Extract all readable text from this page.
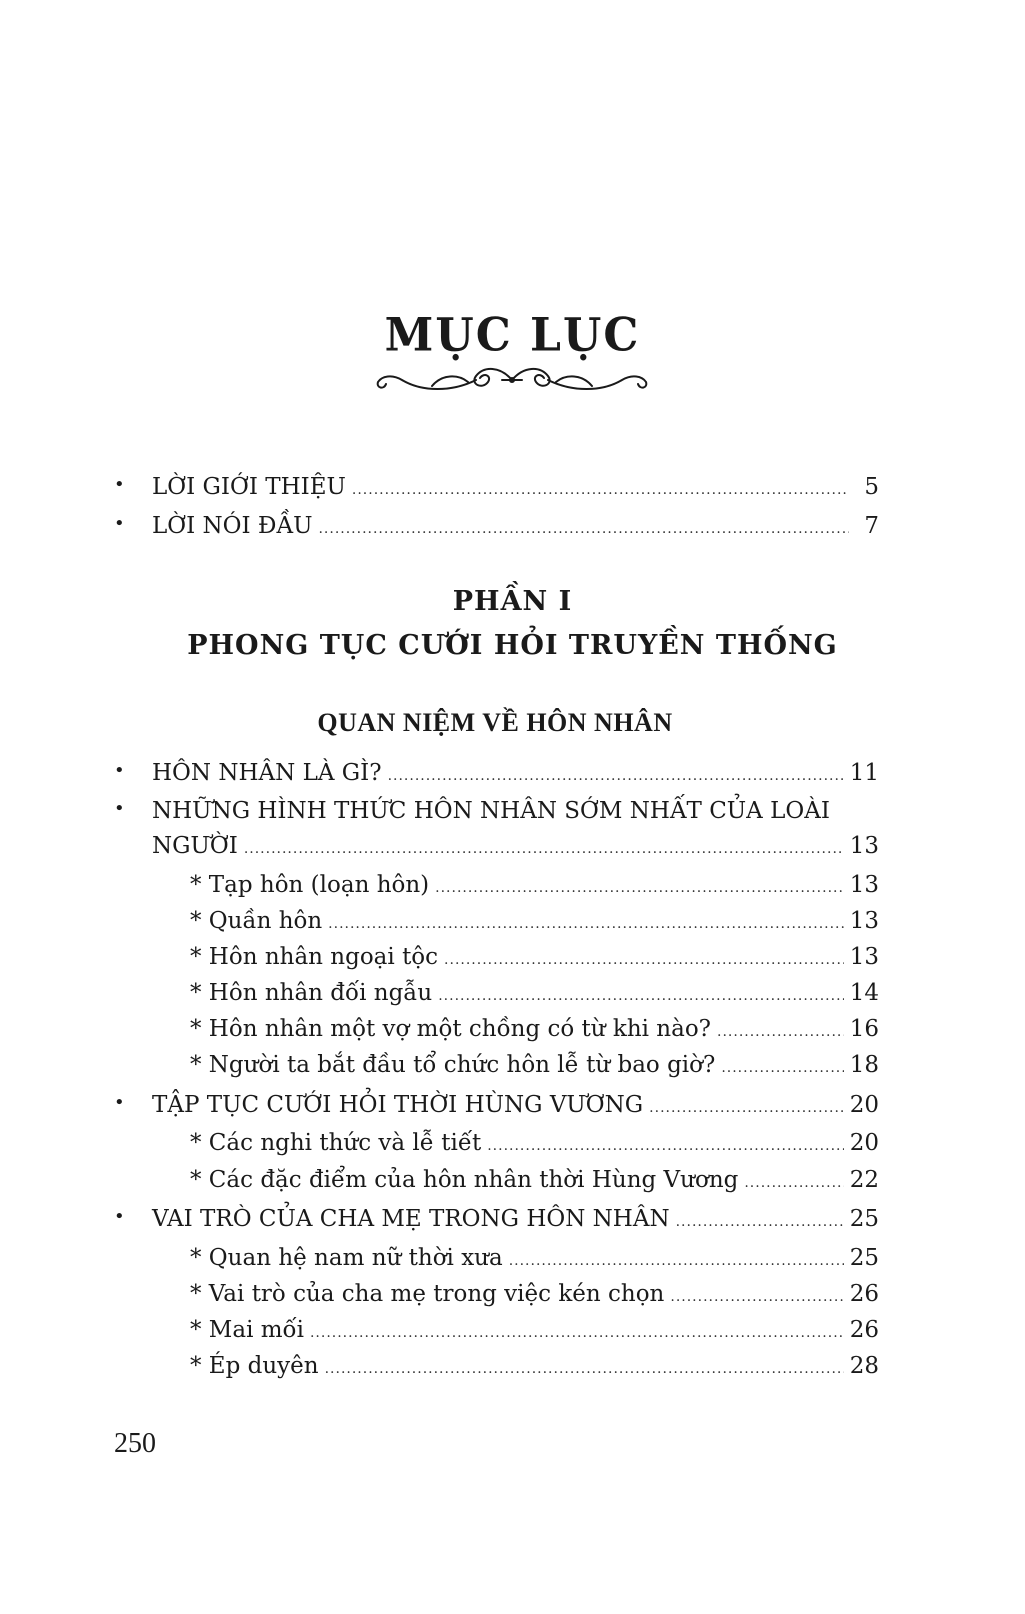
MỤC LỤC
• LỜI GIỚI THIỆU .....	5
• LỜI NÓI ĐẦU .....	7
PHẦN I
PHONG TỤC CƯỚI HỎI TRUYỀN THỐNG
QUAN NIỆM VỀ HÔN NHÂN
• HÔN NHÂN LÀ GÌ? .....	11
• NHỮNG HÌNH THỨC HÔN NHÂN SỚM NHẤT CỦA LOÀI
NGƯỜI .....	13
* Tạp hôn (loạn hôn) .....	13
* Quần hôn .....	13
* Hôn nhân ngoại tộc .....	13
* Hôn nhân đối ngẫu .....	14
* Hôn nhân một vợ một chồng có từ khi nào? .....	16
* Người ta bắt đầu tổ chức hôn lễ từ bao giờ? .....	18
• TẬP TỤC CƯỚI HỎI THỜI HÙNG VƯƠNG .....	20
* Các nghi thức và lễ tiết .....	20
* Các đặc điểm của hôn nhân thời Hùng Vương .....	22
• VAI TRÒ CỦA CHA MẸ TRONG HÔN NHÂN .....	25
* Quan hệ nam nữ thời xưa .....	25
* Vai trò của cha mẹ trong việc kén chọn .....	26
* Mai mối .....	26
* Ép duyên .....	28
250
